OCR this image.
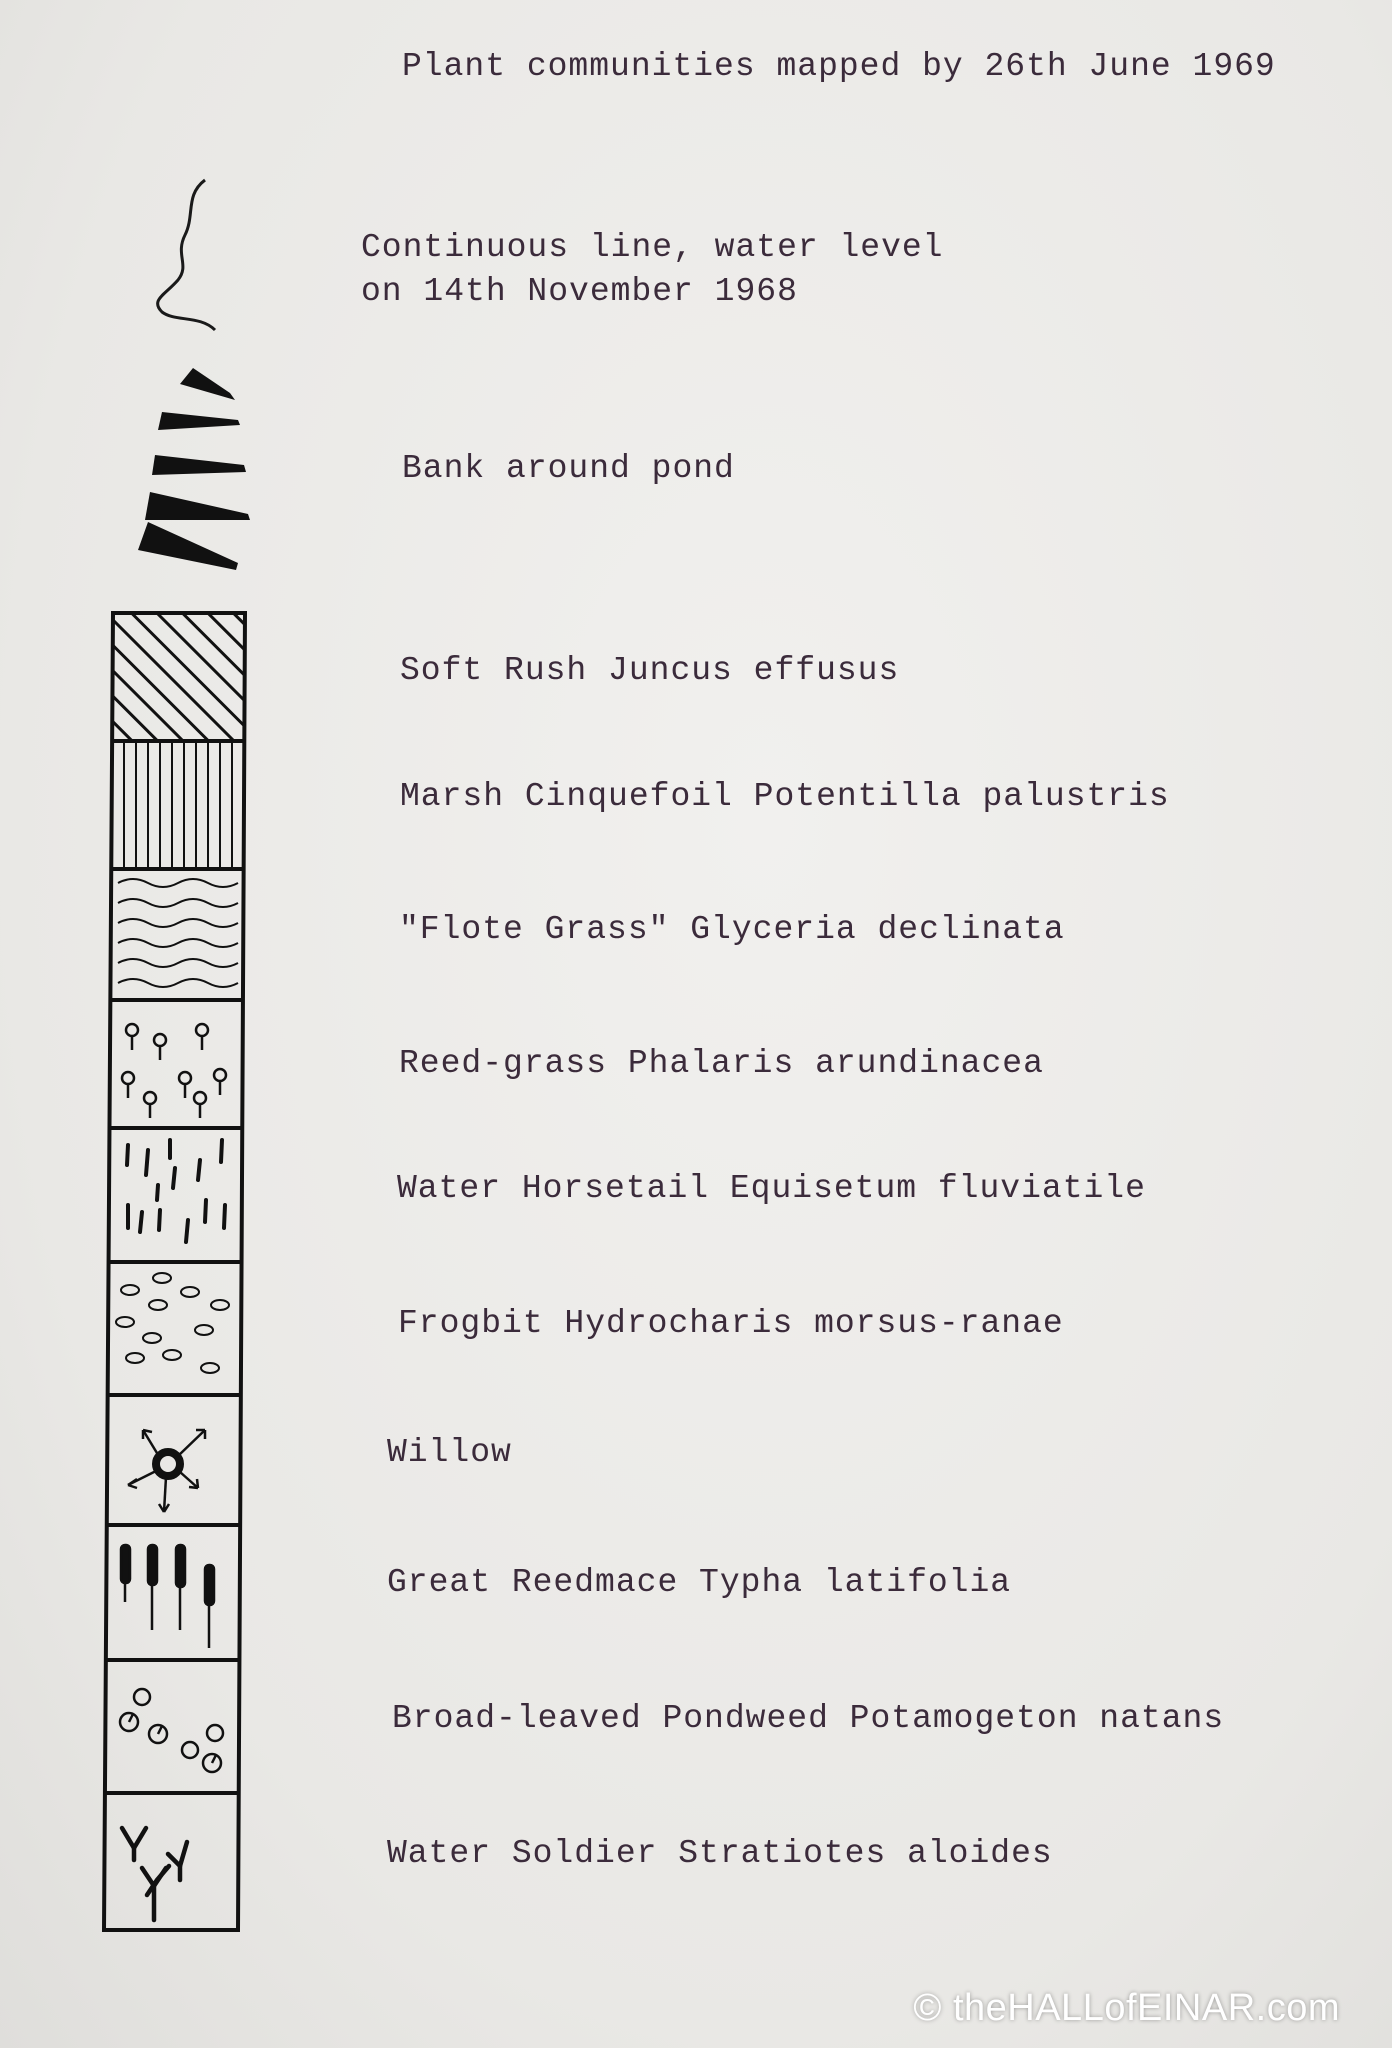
Plant communities mapped by 26th June 1969
Continuous line, water level
on 14th November 1968
Bank around pond
Soft Rush Juncus effusus
Marsh Cinquefoil Potentilla palustris
"Flote Grass" Glyceria declinata
Reed-grass Phalaris arundinacea
Water Horsetail Equisetum fluviatile
Frogbit Hydrocharis morsus-ranae
Willow
Great Reedmace Typha latifolia
Broad-leaved Pondweed Potamogeton natans
Water Soldier Stratiotes aloides
© theHALLofEINAR.com
